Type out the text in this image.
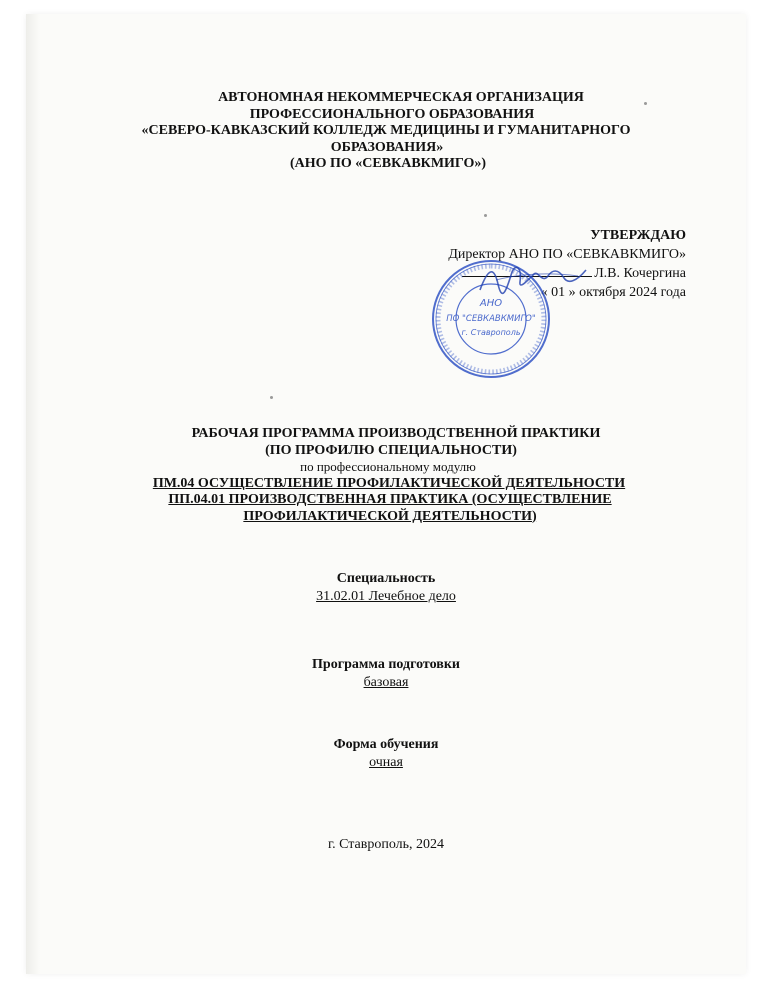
АВТОНОМНАЯ НЕКОММЕРЧЕСКАЯ ОРГАНИЗАЦИЯ
ПРОФЕССИОНАЛЬНОГО ОБРАЗОВАНИЯ
«СЕВЕРО-КАВКАЗСКИЙ КОЛЛЕДЖ МЕДИЦИНЫ И ГУМАНИТАРНОГО
ОБРАЗОВАНИЯ»
(АНО ПО «СЕВКАВКМИГО»)
УТВЕРЖДАЮ
Директор АНО ПО «СЕВКАВКМИГО»
Л.В. Кочергина
« 01 » октября 2024 года
АНО
ПО "СЕВКАВКМИГО"
г. Ставрополь
РАБОЧАЯ ПРОГРАММА ПРОИЗВОДСТВЕННОЙ ПРАКТИКИ
(ПО ПРОФИЛЮ СПЕЦИАЛЬНОСТИ)
по профессиональному модулю
ПМ.04 ОСУЩЕСТВЛЕНИЕ ПРОФИЛАКТИЧЕСКОЙ ДЕЯТЕЛЬНОСТИ
ПП.04.01 ПРОИЗВОДСТВЕННАЯ ПРАКТИКА (ОСУЩЕСТВЛЕНИЕ
ПРОФИЛАКТИЧЕСКОЙ ДЕЯТЕЛЬНОСТИ)
Специальность
31.02.01 Лечебное дело
Программа подготовки
базовая
Форма обучения
очная
г. Ставрополь, 2024
